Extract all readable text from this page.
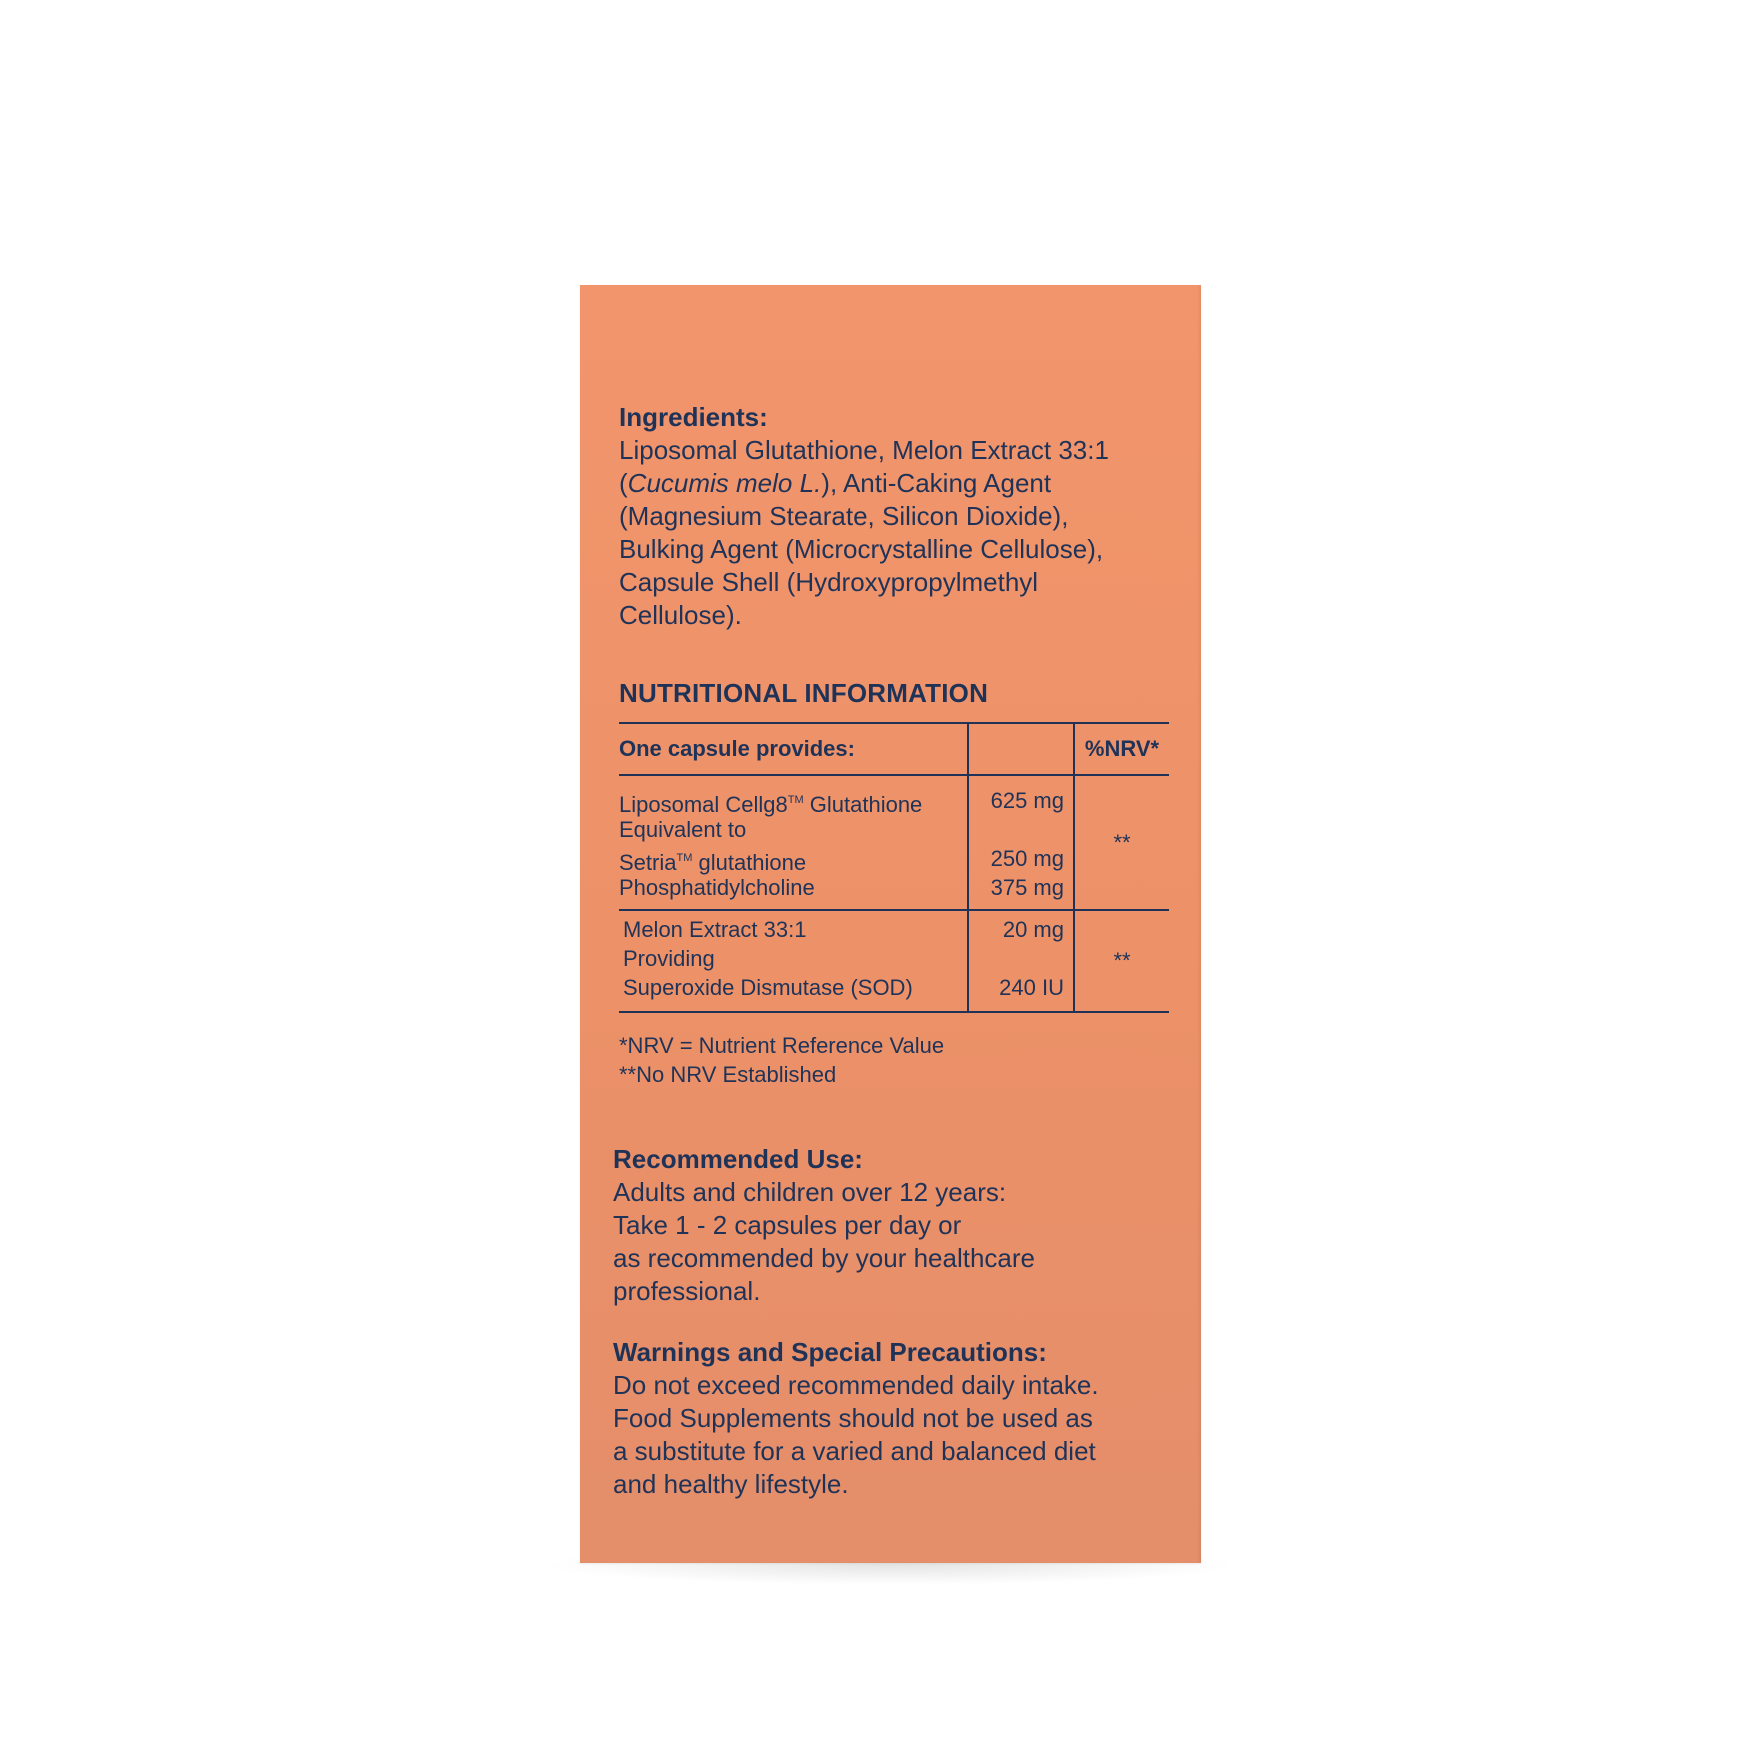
Ingredients:
Liposomal Glutathione, Melon Extract 33:1
(Cucumis melo L.), Anti-Caking Agent
(Magnesium Stearate, Silicon Dioxide),
Bulking Agent (Microcrystalline Cellulose),
Capsule Shell (Hydroxypropylmethyl
Cellulose).
NUTRITIONAL INFORMATION
One capsule provides:	%NRV*
Liposomal Cellg8™ Glutathione
Equivalent to
Setria™ glutathione
Phosphatidylcholine
625 mg
250 mg
375 mg
**
Melon Extract 33:1
Providing
Superoxide Dismutase (SOD)
20 mg
240 IU
**
*NRV = Nutrient Reference Value
**No NRV Established
Recommended Use:
Adults and children over 12 years:
Take 1 - 2 capsules per day or
as recommended by your healthcare
professional.
Warnings and Special Precautions:
Do not exceed recommended daily intake.
Food Supplements should not be used as
a substitute for a varied and balanced diet
and healthy lifestyle.
